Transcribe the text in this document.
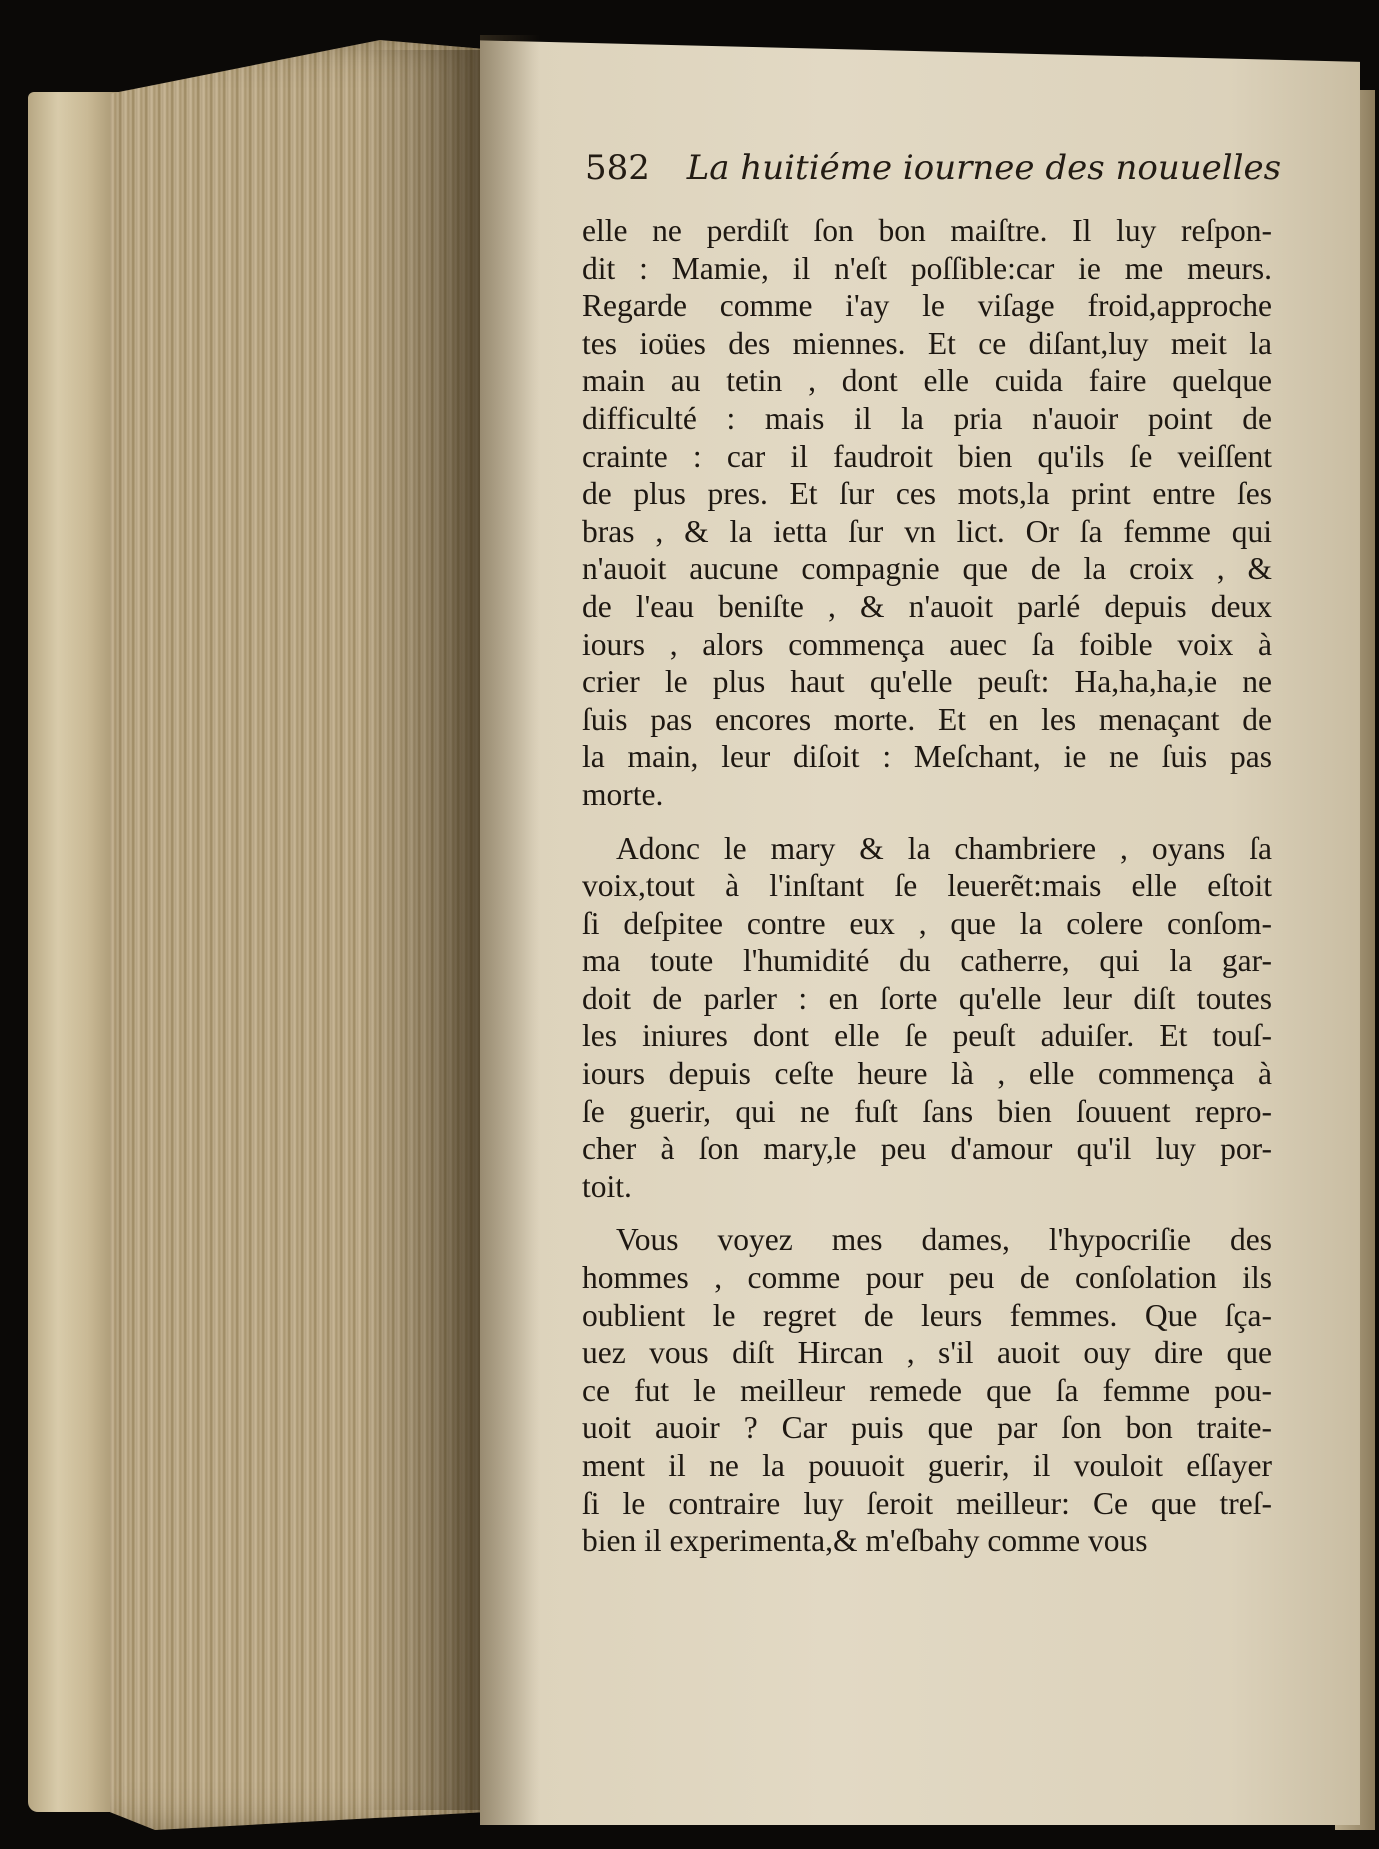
582 La huitiéme iournee des nouuelles
elle ne perdiſt ſon bon maiſtre. Il luy reſpon-
dit : Mamie, il n'eſt poſſible:car ie me meurs.
Regarde comme i'ay le viſage froid,approche
tes ioües des miennes. Et ce diſant,luy meit la
main au tetin , dont elle cuida faire quelque
difficulté : mais il la pria n'auoir point de
crainte : car il faudroit bien qu'ils ſe veiſſent
de plus pres. Et ſur ces mots,la print entre ſes
bras , & la ietta ſur vn lict. Or ſa femme qui
n'auoit aucune compagnie que de la croix , &
de l'eau beniſte , & n'auoit parlé depuis deux
iours , alors commença auec ſa foible voix à
crier le plus haut qu'elle peuſt: Ha,ha,ha,ie ne
ſuis pas encores morte. Et en les menaçant de
la main, leur diſoit : Meſchant, ie ne ſuis pas
morte.
Adonc le mary & la chambriere , oyans ſa
voix,tout à l'inſtant ſe leuerẽt:mais elle eſtoit
ſi deſpitee contre eux , que la colere conſom-
ma toute l'humidité du catherre, qui la gar-
doit de parler : en ſorte qu'elle leur diſt toutes
les iniures dont elle ſe peuſt aduiſer. Et touſ-
iours depuis ceſte heure là , elle commença à
ſe guerir, qui ne fuſt ſans bien ſouuent repro-
cher à ſon mary,le peu d'amour qu'il luy por-
toit.
Vous voyez mes dames, l'hypocriſie des
hommes , comme pour peu de conſolation ils
oublient le regret de leurs femmes. Que ſça-
uez vous diſt Hircan , s'il auoit ouy dire que
ce fut le meilleur remede que ſa femme pou-
uoit auoir ? Car puis que par ſon bon traite-
ment il ne la pouuoit guerir, il vouloit eſſayer
ſi le contraire luy ſeroit meilleur: Ce que treſ-
bien il experimenta,& m'eſbahy comme vous
